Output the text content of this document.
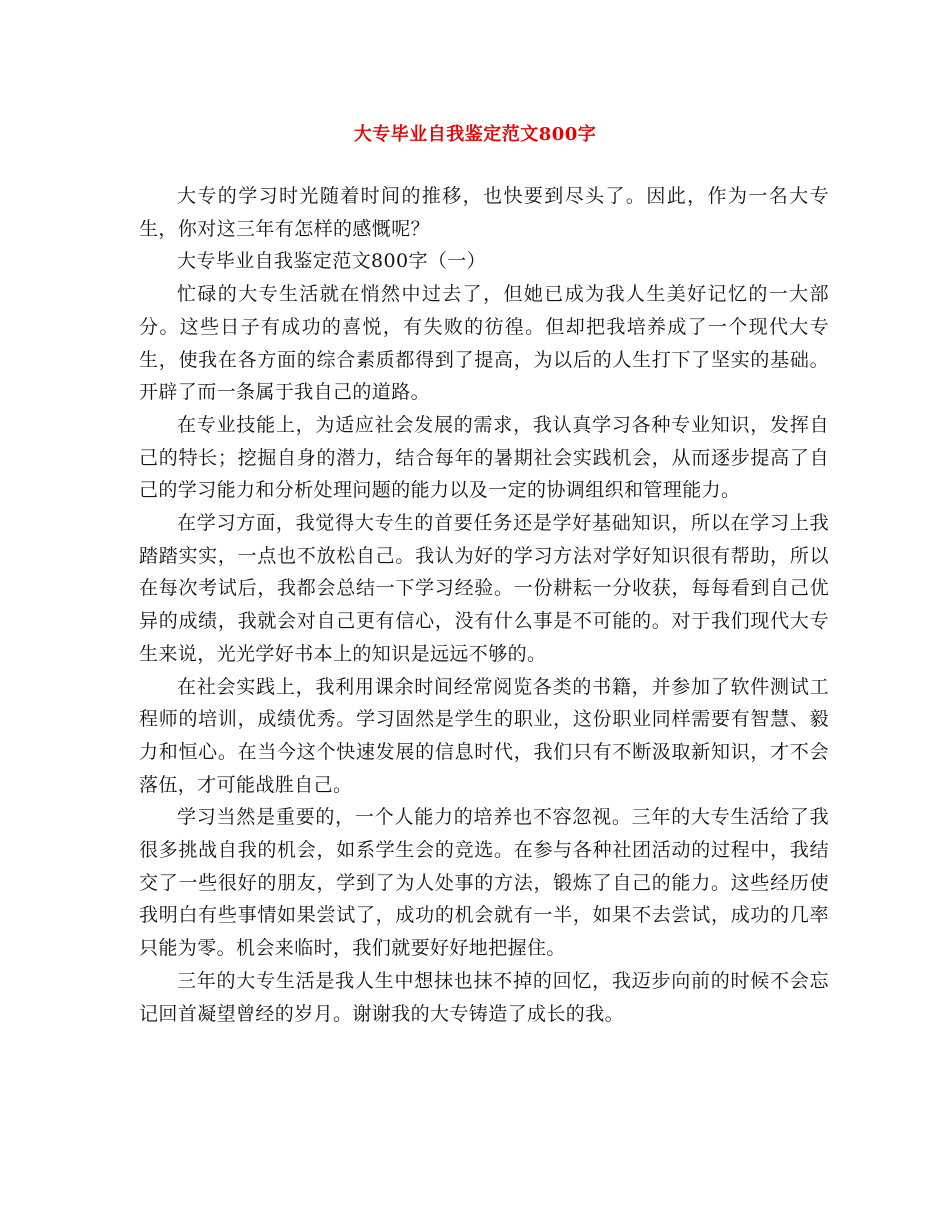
大专毕业自我鉴定范文800字

大专的学习时光随着时间的推移，也快要到尽头了。因此，作为一名大专生，你对这三年有怎样的感慨呢？

大专毕业自我鉴定范文800字（一）

忙碌的大专生活就在悄然中过去了，但她已成为我人生美好记忆的一大部分。这些日子有成功的喜悦，有失败的彷徨。但却把我培养成了一个现代大专生，使我在各方面的综合素质都得到了提高，为以后的人生打下了坚实的基础。开辟了而一条属于我自己的道路。

在专业技能上，为适应社会发展的需求，我认真学习各种专业知识，发挥自己的特长；挖掘自身的潜力，结合每年的暑期社会实践机会，从而逐步提高了自己的学习能力和分析处理问题的能力以及一定的协调组织和管理能力。

在学习方面，我觉得大专生的首要任务还是学好基础知识，所以在学习上我踏踏实实，一点也不放松自己。我认为好的学习方法对学好知识很有帮助，所以在每次考试后，我都会总结一下学习经验。一份耕耘一分收获，每每看到自己优异的成绩，我就会对自己更有信心，没有什么事是不可能的。对于我们现代大专生来说，光光学好书本上的知识是远远不够的。

在社会实践上，我利用课余时间经常阅览各类的书籍，并参加了软件测试工程师的培训，成绩优秀。学习固然是学生的职业，这份职业同样需要有智慧、毅力和恒心。在当今这个快速发展的信息时代，我们只有不断汲取新知识，才不会落伍，才可能战胜自己。

学习当然是重要的，一个人能力的培养也不容忽视。三年的大专生活给了我很多挑战自我的机会，如系学生会的竞选。在参与各种社团活动的过程中，我结交了一些很好的朋友，学到了为人处事的方法，锻炼了自己的能力。这些经历使我明白有些事情如果尝试了，成功的机会就有一半，如果不去尝试，成功的几率只能为零。机会来临时，我们就要好好地把握住。

三年的大专生活是我人生中想抹也抹不掉的回忆，我迈步向前的时候不会忘记回首凝望曾经的岁月。谢谢我的大专铸造了成长的我。
